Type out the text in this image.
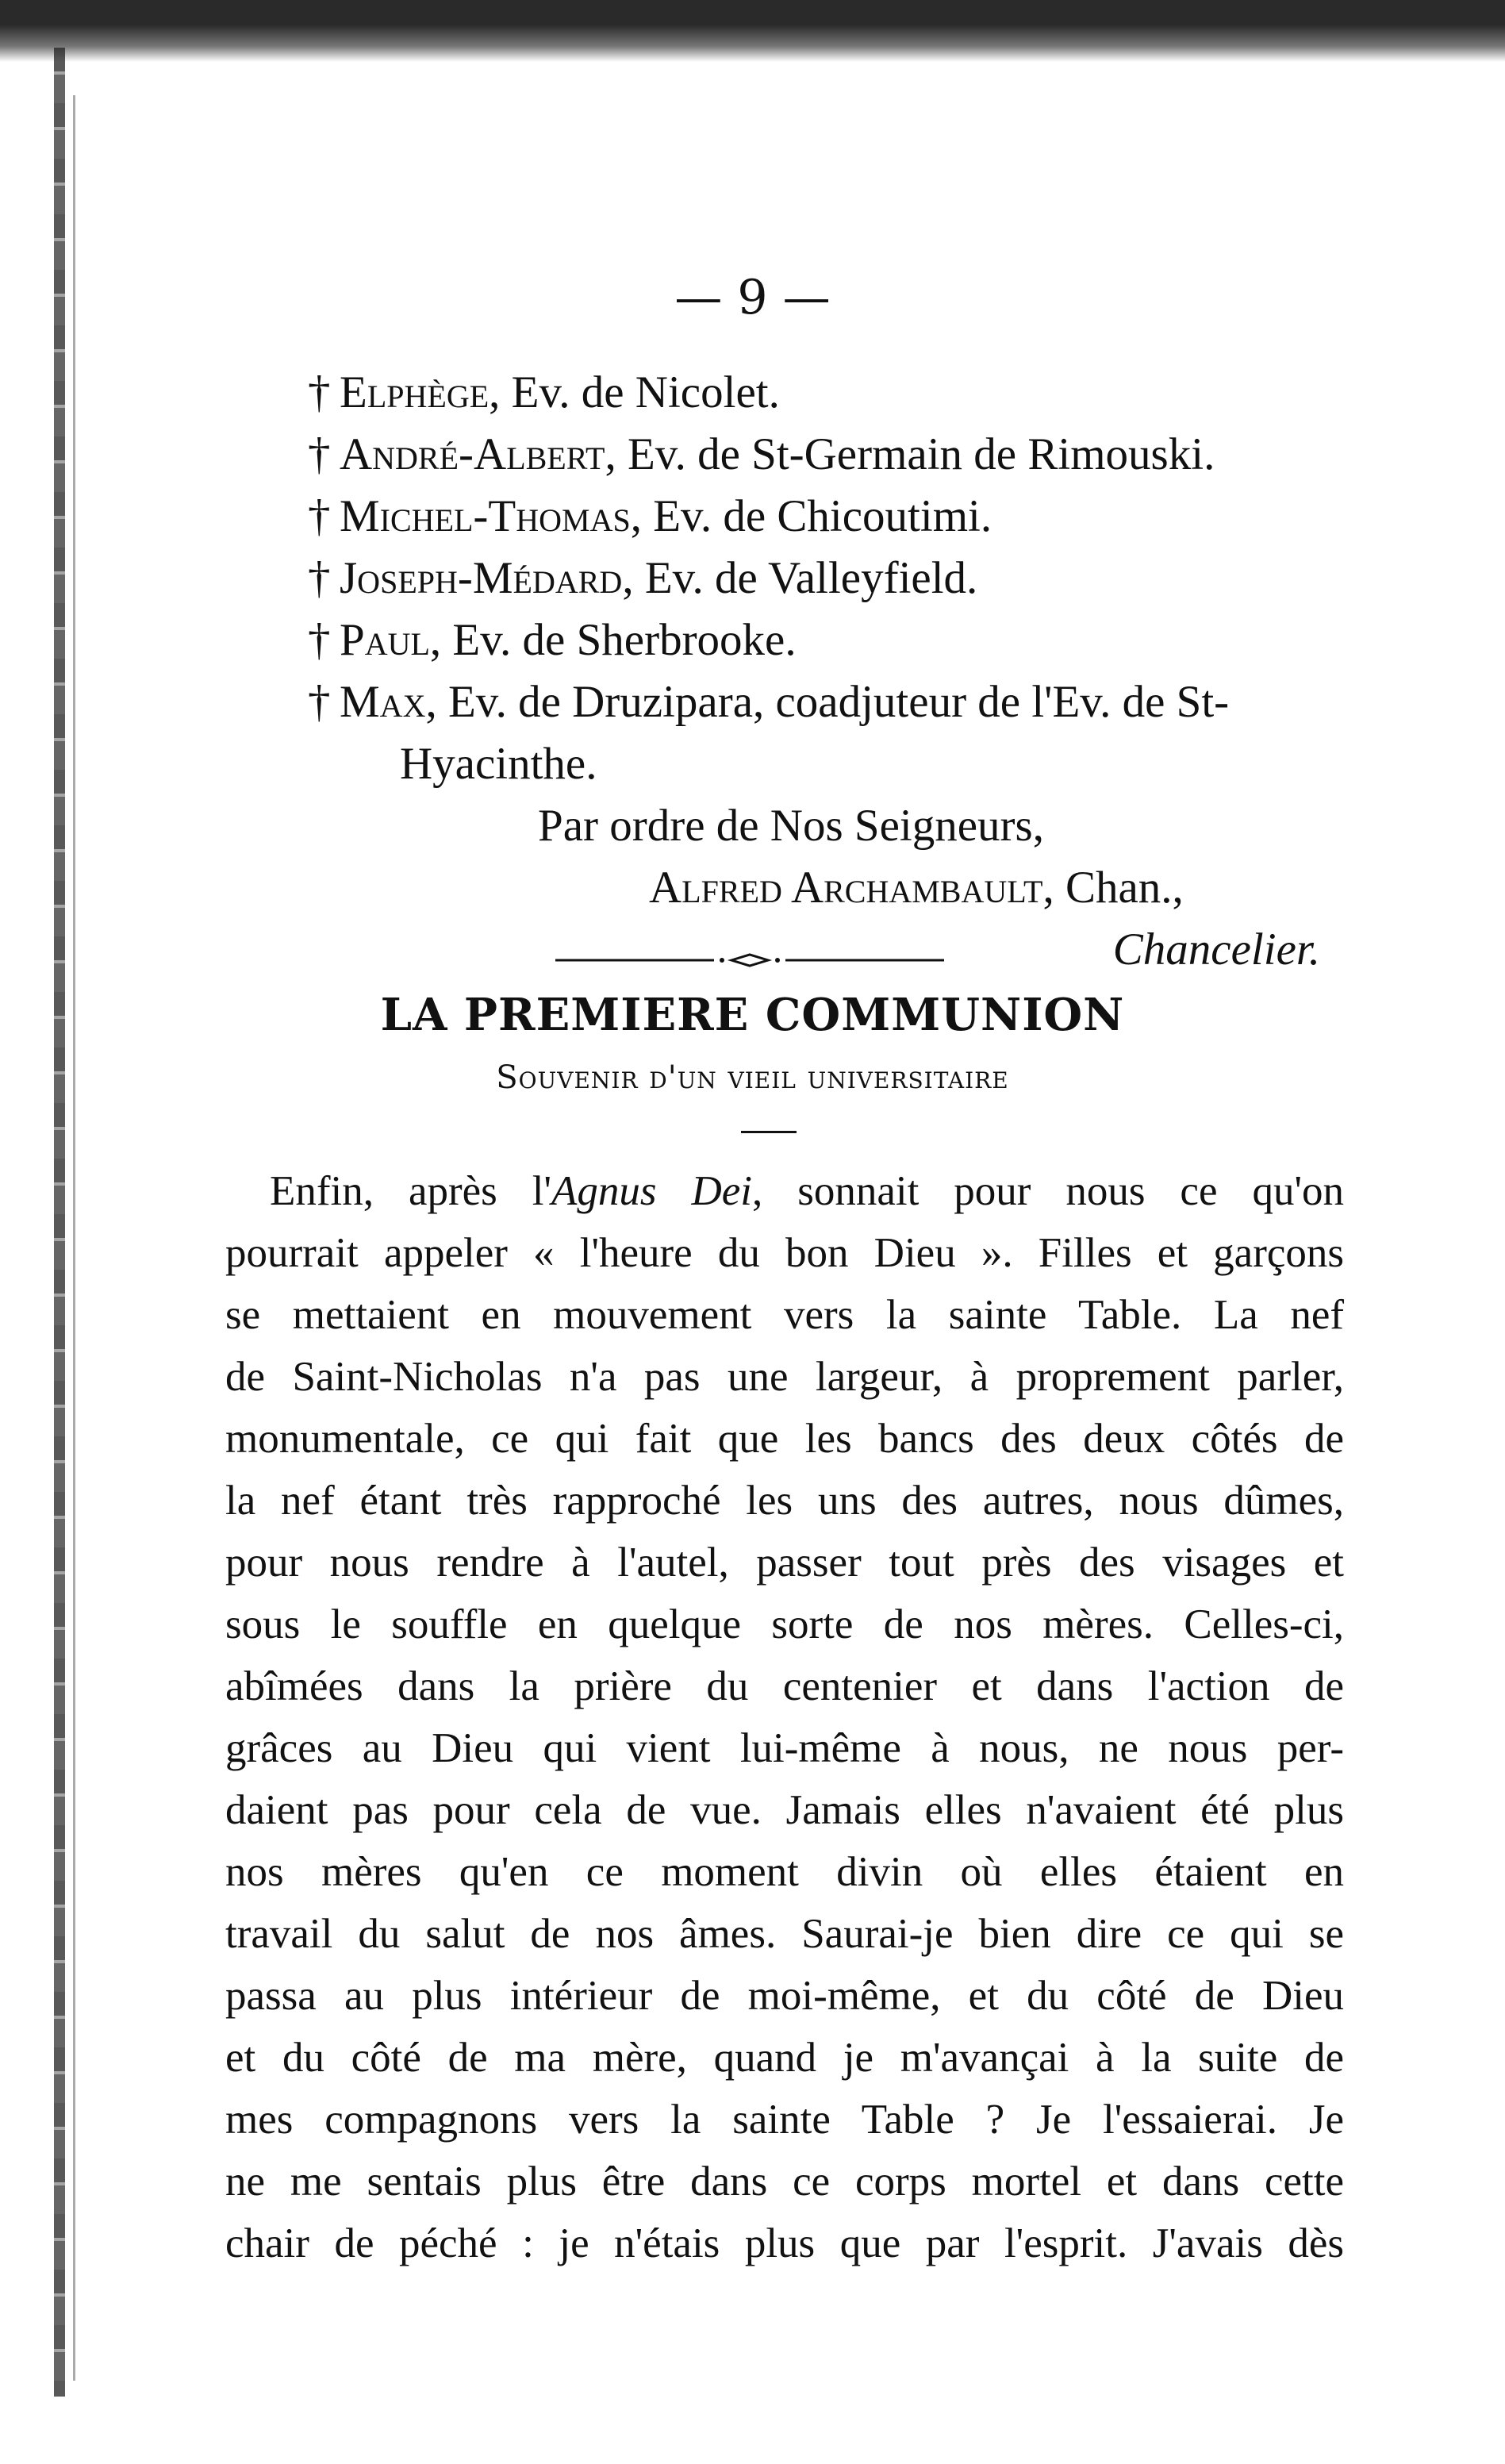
— 9 —
† Elphège, Ev. de Nicolet.
† André-Albert, Ev. de St-Germain de Rimouski.
† Michel-Thomas, Ev. de Chicoutimi.
† Joseph-Médard, Ev. de Valleyfield.
† Paul, Ev. de Sherbrooke.
† Max, Ev. de Druzipara, coadjuteur de l'Ev. de St-
Hyacinthe.
Par ordre de Nos Seigneurs,
Alfred Archambault, Chan.,
Chancelier.
LA PREMIERE COMMUNION
Souvenir d'un vieil universitaire
Enfin, après l'Agnus Dei, sonnait pour nous ce qu'on
pourrait appeler « l'heure du bon Dieu ». Filles et garçons
se mettaient en mouvement vers la sainte Table. La nef
de Saint-Nicholas n'a pas une largeur, à proprement parler,
monumentale, ce qui fait que les bancs des deux côtés de
la nef étant très rapproché les uns des autres, nous dûmes,
pour nous rendre à l'autel, passer tout près des visages et
sous le souffle en quelque sorte de nos mères. Celles-ci,
abîmées dans la prière du centenier et dans l'action de
grâces au Dieu qui vient lui-même à nous, ne nous per-
daient pas pour cela de vue. Jamais elles n'avaient été plus
nos mères qu'en ce moment divin où elles étaient en
travail du salut de nos âmes. Saurai-je bien dire ce qui se
passa au plus intérieur de moi-même, et du côté de Dieu
et du côté de ma mère, quand je m'avançai à la suite de
mes compagnons vers la sainte Table ? Je l'essaierai. Je
ne me sentais plus être dans ce corps mortel et dans cette
chair de péché : je n'étais plus que par l'esprit. J'avais dès
